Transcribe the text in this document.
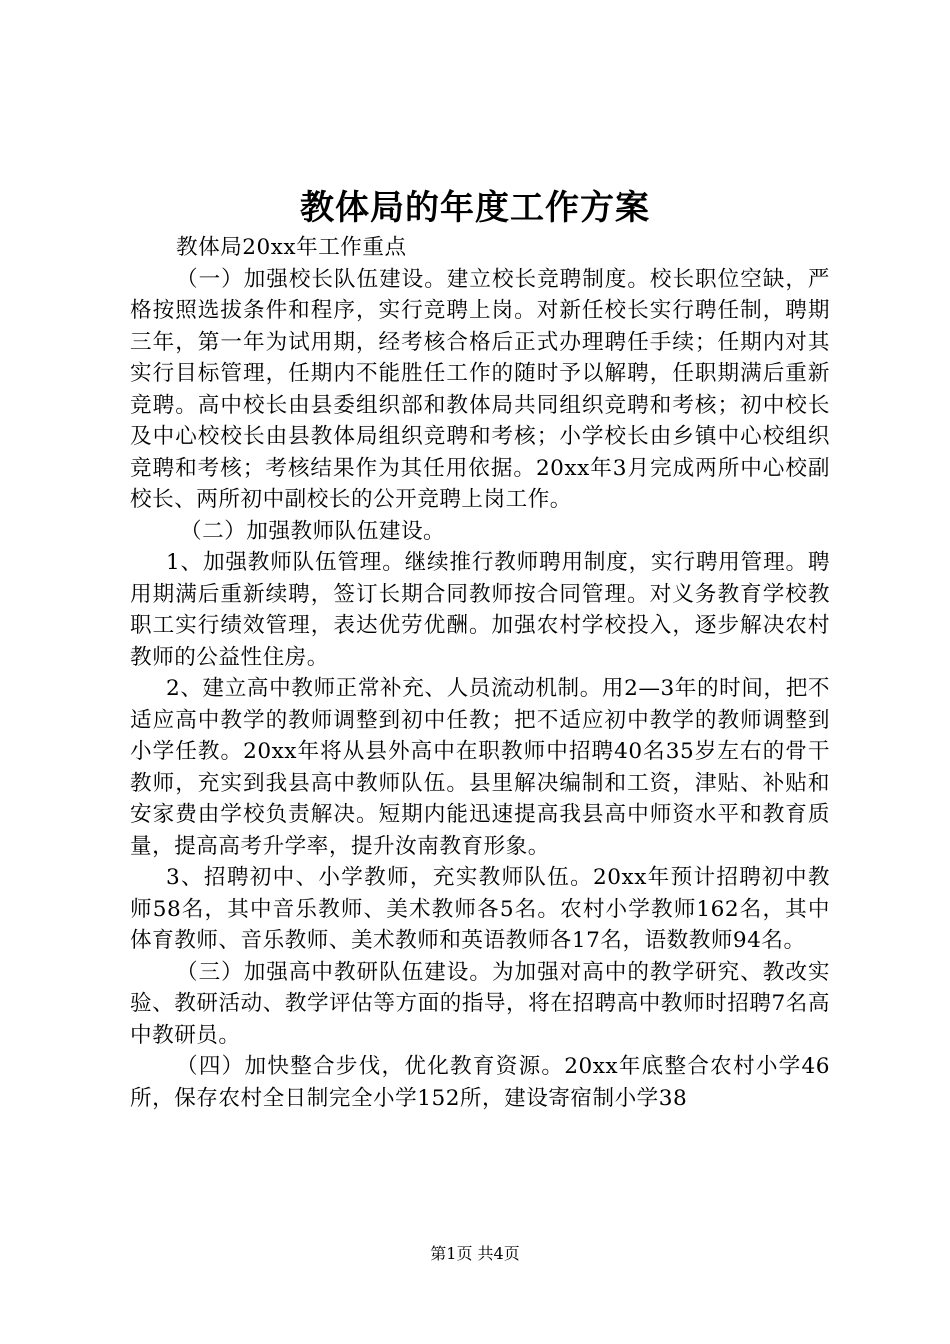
教体局的年度工作方案

教体局20xx年工作重点

（一）加强校长队伍建设。建立校长竞聘制度。校长职位空缺，严格按照选拔条件和程序，实行竞聘上岗。对新任校长实行聘任制，聘期三年，第一年为试用期，经考核合格后正式办理聘任手续；任期内对其实行目标管理，任期内不能胜任工作的随时予以解聘，任职期满后重新竞聘。高中校长由县委组织部和教体局共同组织竞聘和考核；初中校长及中心校校长由县教体局组织竞聘和考核；小学校长由乡镇中心校组织竞聘和考核；考核结果作为其任用依据。20xx年3月完成两所中心校副校长、两所初中副校长的公开竞聘上岗工作。

（二）加强教师队伍建设。

1、加强教师队伍管理。继续推行教师聘用制度，实行聘用管理。聘用期满后重新续聘，签订长期合同教师按合同管理。对义务教育学校教职工实行绩效管理，表达优劳优酬。加强农村学校投入，逐步解决农村教师的公益性住房。

2、建立高中教师正常补充、人员流动机制。用2—3年的时间，把不适应高中教学的教师调整到初中任教；把不适应初中教学的教师调整到小学任教。20xx年将从县外高中在职教师中招聘40名35岁左右的骨干教师，充实到我县高中教师队伍。县里解决编制和工资，津贴、补贴和安家费由学校负责解决。短期内能迅速提高我县高中师资水平和教育质量，提高高考升学率，提升汝南教育形象。

3、招聘初中、小学教师，充实教师队伍。20xx年预计招聘初中教师58名，其中音乐教师、美术教师各5名。农村小学教师162名，其中体育教师、音乐教师、美术教师和英语教师各17名，语数教师94名。

（三）加强高中教研队伍建设。为加强对高中的教学研究、教改实验、教研活动、教学评估等方面的指导，将在招聘高中教师时招聘7名高中教研员。

（四）加快整合步伐，优化教育资源。20xx年底整合农村小学46所，保存农村全日制完全小学152所，建设寄宿制小学38

第1页 共4页
